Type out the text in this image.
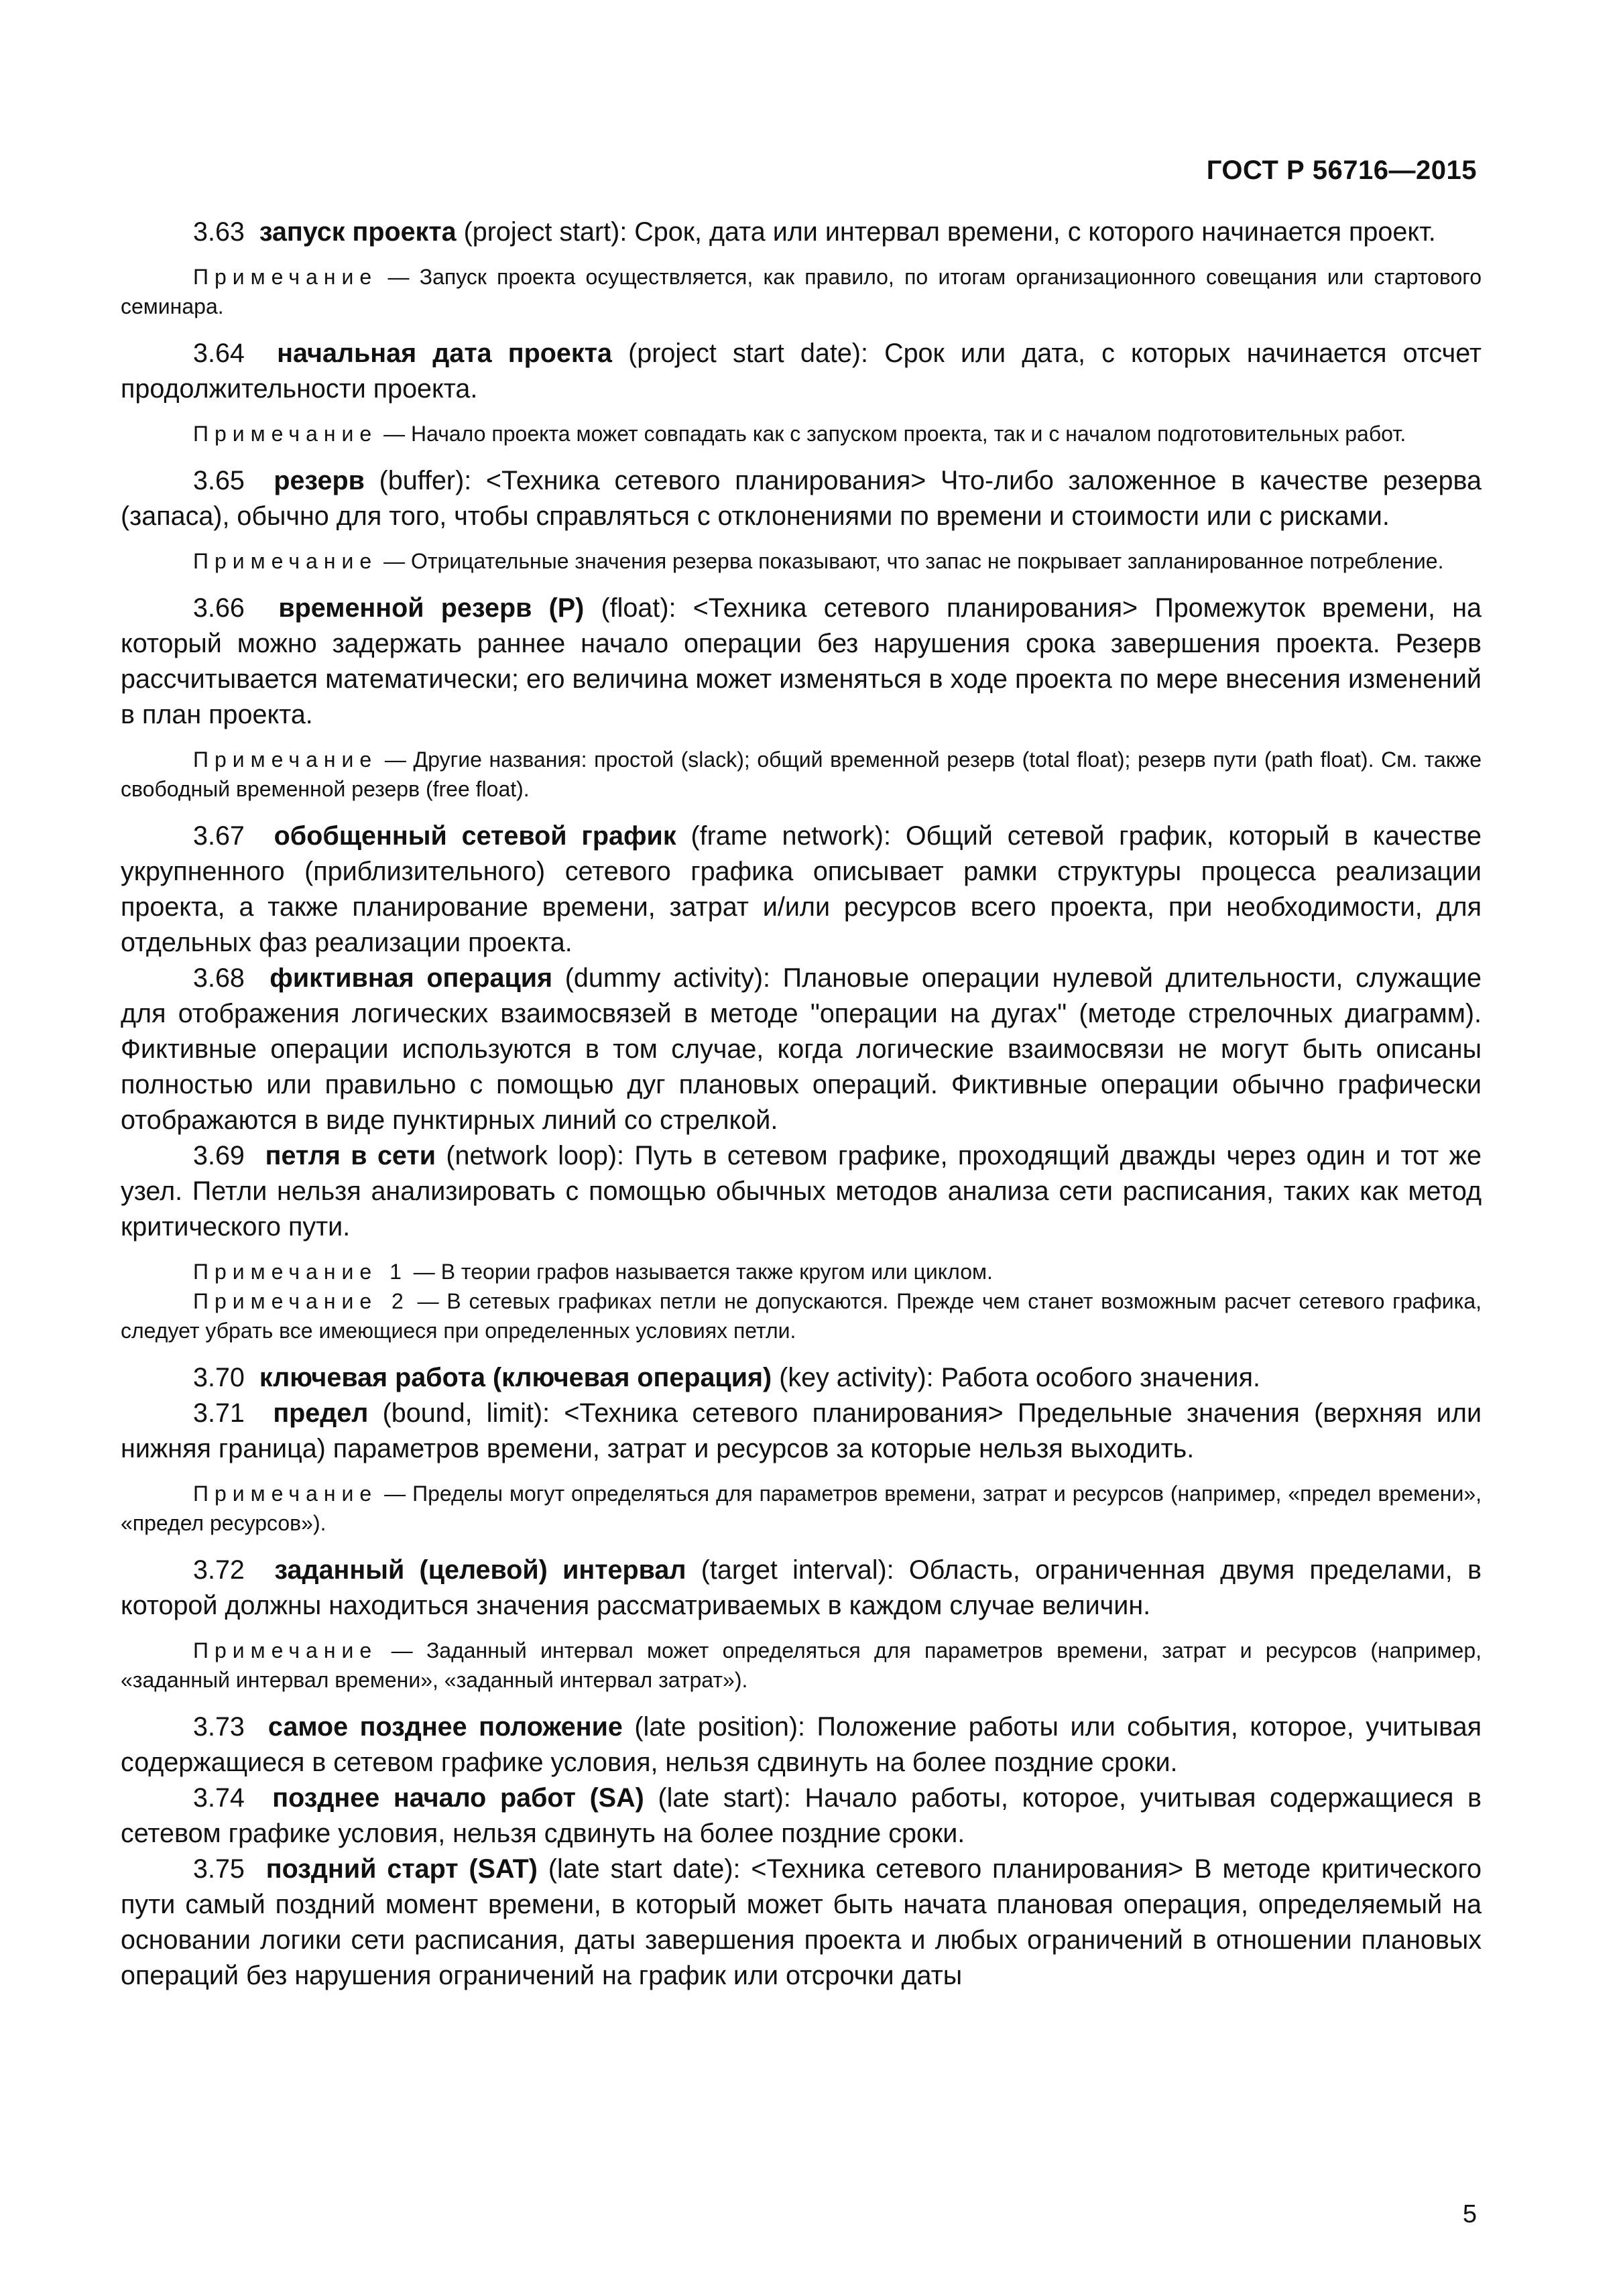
ГОСТ Р 56716—2015

3.63 запуск проекта (project start): Срок, дата или интервал времени, с которого начинается проект.

Примечание — Запуск проекта осуществляется, как правило, по итогам организационного совещания или стартового семинара.

3.64 начальная дата проекта (project start date): Срок или дата, с которых начинается отсчет продолжительности проекта.

Примечание — Начало проекта может совпадать как с запуском проекта, так и с началом подготовительных работ.

3.65 резерв (buffer): <Техника сетевого планирования> Что-либо заложенное в качестве резерва (запаса), обычно для того, чтобы справляться с отклонениями по времени и стоимости или с рисками.

Примечание — Отрицательные значения резерва показывают, что запас не покрывает запланированное потребление.

3.66 временной резерв (Р) (float): <Техника сетевого планирования> Промежуток времени, на который можно задержать раннее начало операции без нарушения срока завершения проекта. Резерв рассчитывается математически; его величина может изменяться в ходе проекта по мере внесения изменений в план проекта.

Примечание — Другие названия: простой (slack); общий временной резерв (total float); резерв пути (path float). См. также свободный временной резерв (free float).

3.67 обобщенный сетевой график (frame network): Общий сетевой график, который в качестве укрупненного (приблизительного) сетевого графика описывает рамки структуры процесса реализации проекта, а также планирование времени, затрат и/или ресурсов всего проекта, при необходимости, для отдельных фаз реализации проекта.

3.68 фиктивная операция (dummy activity): Плановые операции нулевой длительности, служащие для отображения логических взаимосвязей в методе "операции на дугах" (методе стрелочных диаграмм). Фиктивные операции используются в том случае, когда логические взаимосвязи не могут быть описаны полностью или правильно с помощью дуг плановых операций. Фиктивные операции обычно графически отображаются в виде пунктирных линий со стрелкой.

3.69 петля в сети (network loop): Путь в сетевом графике, проходящий дважды через один и тот же узел. Петли нельзя анализировать с помощью обычных методов анализа сети расписания, таких как метод критического пути.

Примечание 1 — В теории графов называется также кругом или циклом.

Примечание 2 — В сетевых графиках петли не допускаются. Прежде чем станет возможным расчет сетевого графика, следует убрать все имеющиеся при определенных условиях петли.

3.70 ключевая работа (ключевая операция) (key activity): Работа особого значения.

3.71 предел (bound, limit): <Техника сетевого планирования> Предельные значения (верхняя или нижняя граница) параметров времени, затрат и ресурсов за которые нельзя выходить.

Примечание — Пределы могут определяться для параметров времени, затрат и ресурсов (например, «предел времени», «предел ресурсов»).

3.72 заданный (целевой) интервал (target interval): Область, ограниченная двумя пределами, в которой должны находиться значения рассматриваемых в каждом случае величин.

Примечание — Заданный интервал может определяться для параметров времени, затрат и ресурсов (например, «заданный интервал времени», «заданный интервал затрат»).

3.73 самое позднее положение (late position): Положение работы или события, которое, учитывая содержащиеся в сетевом графике условия, нельзя сдвинуть на более поздние сроки.

3.74 позднее начало работ (SA) (late start): Начало работы, которое, учитывая содержащиеся в сетевом графике условия, нельзя сдвинуть на более поздние сроки.

3.75 поздний старт (SAT) (late start date): <Техника сетевого планирования> В методе критического пути самый поздний момент времени, в который может быть начата плановая операция, определяемый на основании логики сети расписания, даты завершения проекта и любых ограничений в отношении плановых операций без нарушения ограничений на график или отсрочки даты

5
